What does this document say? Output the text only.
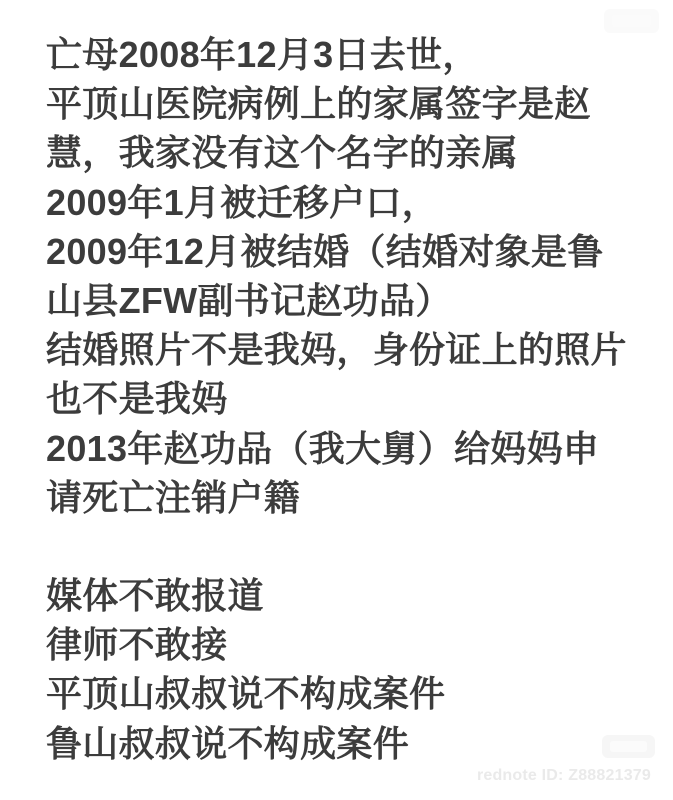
亡母2008年12月3日去世，
平顶山医院病例上的家属签字是赵
慧，我家没有这个名字的亲属
2009年1月被迁移户口，
2009年12月被结婚（结婚对象是鲁
山县ZFW副书记赵功品）
结婚照片不是我妈，身份证上的照片
也不是我妈
2013年赵功品（我大舅）给妈妈申
请死亡注销户籍
媒体不敢报道
律师不敢接
平顶山叔叔说不构成案件
鲁山叔叔说不构成案件
rednote ID: Z88821379
